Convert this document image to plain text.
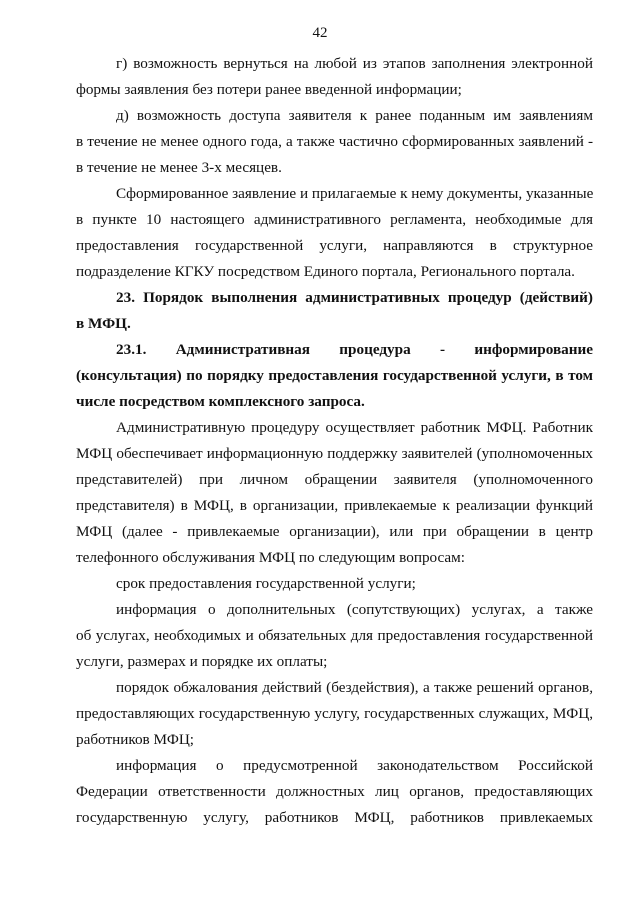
42
г) возможность вернуться на любой из этапов заполнения электронной
формы заявления без потери ранее введенной информации;
д) возможность доступа заявителя к ранее поданным им заявлениям
в течение не менее одного года, а также частично сформированных заявлений -
в течение не менее 3-х месяцев.
Сформированное заявление и прилагаемые к нему документы, указанные
в пункте 10 настоящего административного регламента, необходимые для
предоставления государственной услуги, направляются в структурное
подразделение КГКУ посредством Единого портала, Регионального портала.
23. Порядок выполнения административных процедур (действий)
в МФЦ.
23.1. Административная процедура - информирование
(консультация) по порядку предоставления государственной услуги, в том
числе посредством комплексного запроса.
Административную процедуру осуществляет работник МФЦ. Работник
МФЦ обеспечивает информационную поддержку заявителей (уполномоченных
представителей) при личном обращении заявителя (уполномоченного
представителя) в МФЦ, в организации, привлекаемые к реализации функций
МФЦ (далее - привлекаемые организации), или при обращении в центр
телефонного обслуживания МФЦ по следующим вопросам:
срок предоставления государственной услуги;
информация о дополнительных (сопутствующих) услугах, а также
об услугах, необходимых и обязательных для предоставления государственной
услуги, размерах и порядке их оплаты;
порядок обжалования действий (бездействия), а также решений органов,
предоставляющих государственную услугу, государственных служащих, МФЦ,
работников МФЦ;
информация о предусмотренной законодательством Российской
Федерации ответственности должностных лиц органов, предоставляющих
государственную услугу, работников МФЦ, работников привлекаемых
